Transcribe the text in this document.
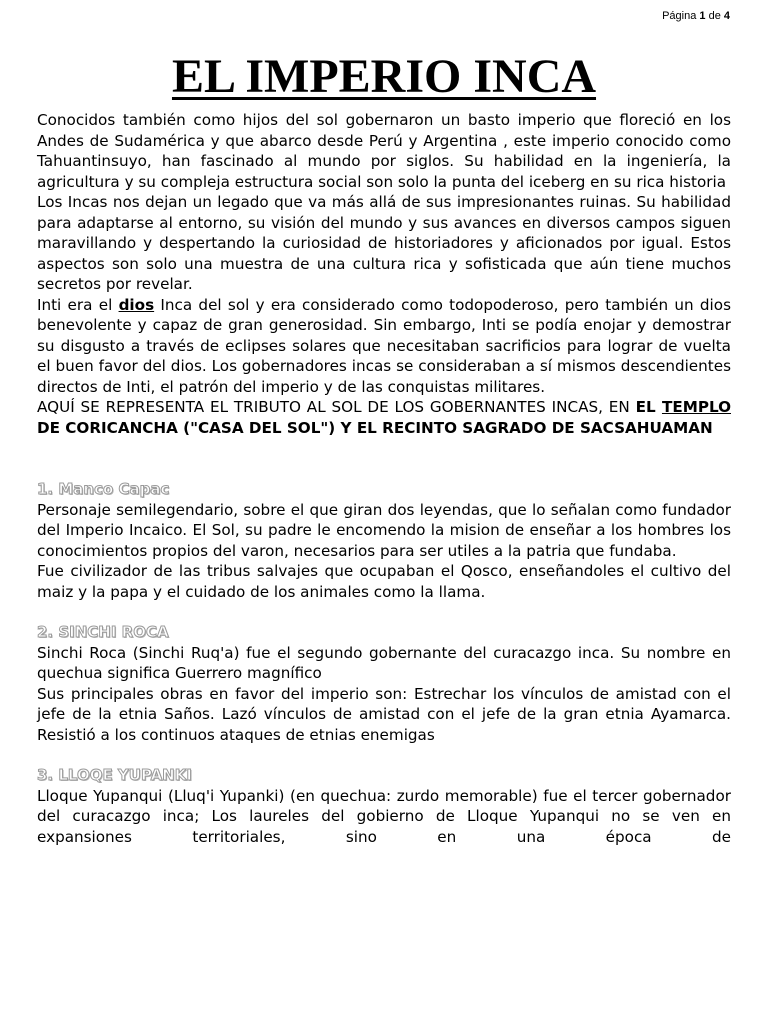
Página 1 de 4
EL IMPERIO INCA

Conocidos también como hijos del sol gobernaron un basto imperio que floreció en los Andes de Sudamérica y que abarco desde Perú y Argentina , este imperio conocido como Tahuantinsuyo, han fascinado al mundo por siglos. Su habilidad en la ingeniería, la agricultura y su compleja estructura social son solo la punta del iceberg en su rica historia

Los Incas nos dejan un legado que va más allá de sus impresionantes ruinas. Su habilidad para adaptarse al entorno, su visión del mundo y sus avances en diversos campos siguen maravillando y despertando la curiosidad de historiadores y aficionados por igual. Estos aspectos son solo una muestra de una cultura rica y sofisticada que aún tiene muchos secretos por revelar.

Inti era el dios Inca del sol y era considerado como todopoderoso, pero también un dios benevolente y capaz de gran generosidad. Sin embargo, Inti se podía enojar y demostrar su disgusto a través de eclipses solares que necesitaban sacrificios para lograr de vuelta el buen favor del dios. Los gobernadores incas se consideraban a sí mismos descendientes directos de Inti, el patrón del imperio y de las conquistas militares.

AQUÍ SE REPRESENTA EL TRIBUTO AL SOL DE LOS GOBERNANTES INCAS, EN EL TEMPLO DE CORICANCHA ("CASA DEL SOL") Y EL RECINTO SAGRADO DE SACSAHUAMAN

1. Manco Capac

Personaje semilegendario, sobre el que giran dos leyendas, que lo señalan como fundador del Imperio Incaico. El Sol, su padre le encomendo la mision de enseñar a los hombres los conocimientos propios del varon, necesarios para ser utiles a la patria que fundaba.

Fue civilizador de las tribus salvajes que ocupaban el Qosco, enseñandoles el cultivo del maiz y la papa y el cuidado de los animales como la llama.

2. SINCHI ROCA

Sinchi Roca (Sinchi Ruq'a) fue el segundo gobernante del curacazgo inca. Su nombre en quechua significa Guerrero magnífico

Sus principales obras en favor del imperio son: Estrechar los vínculos de amistad con el jefe de la etnia Saños. Lazó vínculos de amistad con el jefe de la gran etnia Ayamarca. Resistió a los continuos ataques de etnias enemigas

3. LLOQE YUPANKI

Lloque Yupanqui (Lluq'i Yupanki) (en quechua: zurdo memorable) fue el tercer gobernador del curacazgo inca; Los laureles del gobierno de Lloque Yupanqui no se ven en expansiones territoriales, sino en una época de
